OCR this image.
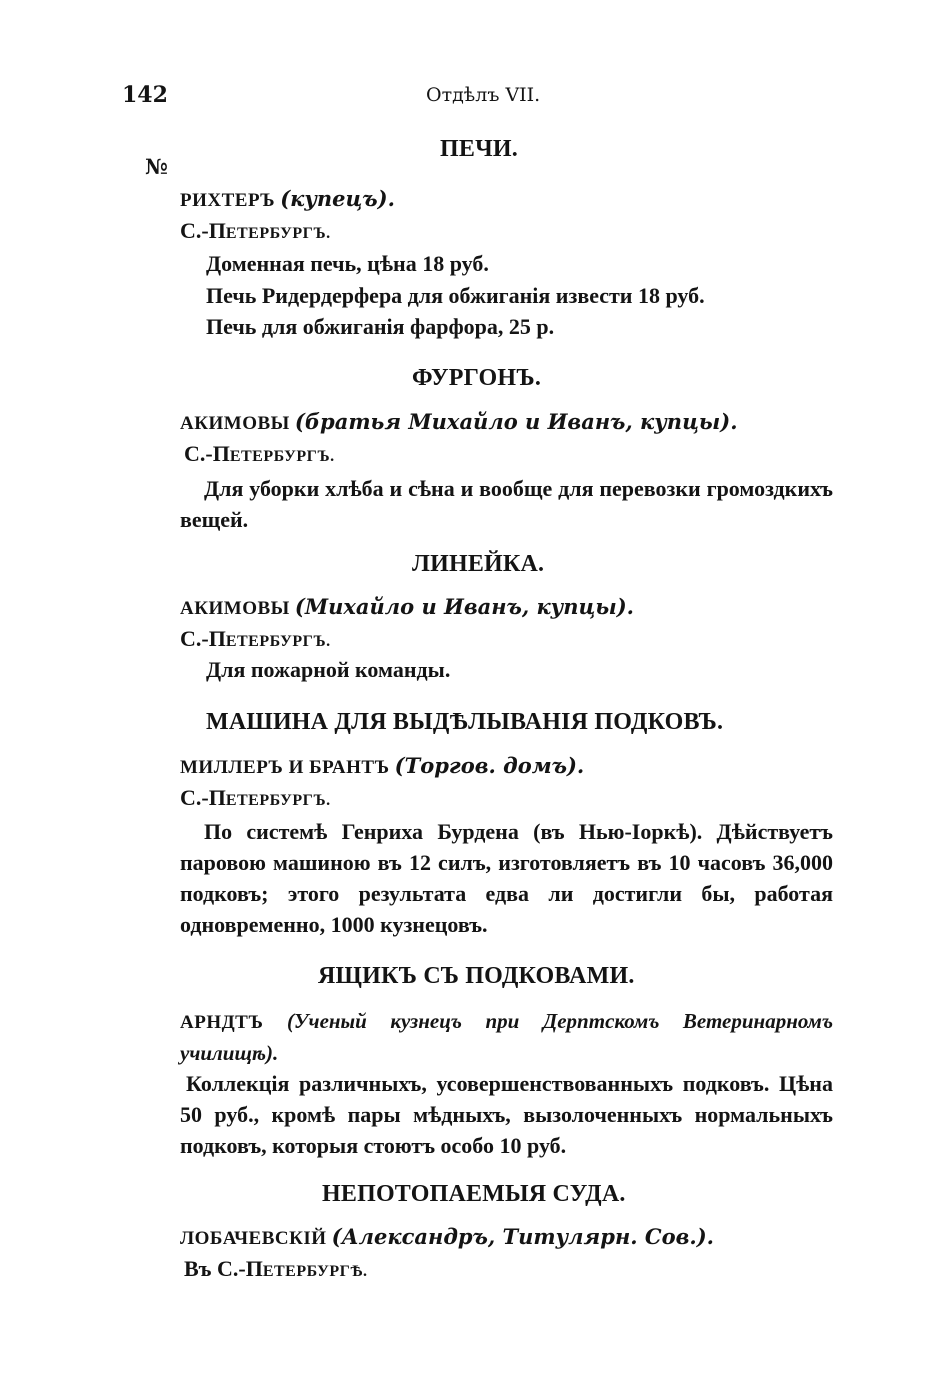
142	Отдѣлъ VII.
№
ПЕЧИ.
РИХТЕРЪ (купецъ).
С.-ПЕТЕРБУРГЪ.
Доменная печь, цѣна 18 руб.
Печь Ридердерфера для обжиганія извести 18 руб.
Печь для обжиганія фарфора, 25 р.
ФУРГОНЪ.
АКИМОВЫ (братья Михайло и Иванъ, купцы).
С.-ПЕТЕРБУРГЪ.
Для уборки хлѣба и сѣна и вообще для перевозки громоздкихъ вещей.
ЛИНЕЙКА.
АКИМОВЫ (Михайло и Иванъ, купцы).
С.-ПЕТЕРБУРГЪ.
Для пожарной команды.
МАШИНА ДЛЯ ВЫДѢЛЫВАНІЯ ПОДКОВЪ.
МИЛЛЕРЪ И БРАНТЪ (Торгов. домъ).
С.-ПЕТЕРБУРГЪ.
По системѣ Генриха Бурдена (въ Нью-Іоркѣ). Дѣйствуетъ паровою машиною въ 12 силъ, изготовляетъ въ 10 часовъ 36,000 подковъ; этого результата едва ли достигли бы, работая одновременно, 1000 кузнецовъ.
ЯЩИКЪ СЪ ПОДКОВАМИ.
АРНДТЪ (Ученый кузнецъ при Дерптскомъ Ветеринарномъ училищѣ).
Коллекція различныхъ, усовершенствованныхъ подковъ. Цѣна 50 руб., кромѣ пары мѣдныхъ, вызолоченныхъ нормальныхъ подковъ, которыя стоютъ особо 10 руб.
НЕПОТОПАЕМЫЯ СУДА.
ЛОБАЧЕВСКІЙ (Александръ, Титулярн. Сов.).
Въ С.-ПЕТЕРБУРГѢ.
